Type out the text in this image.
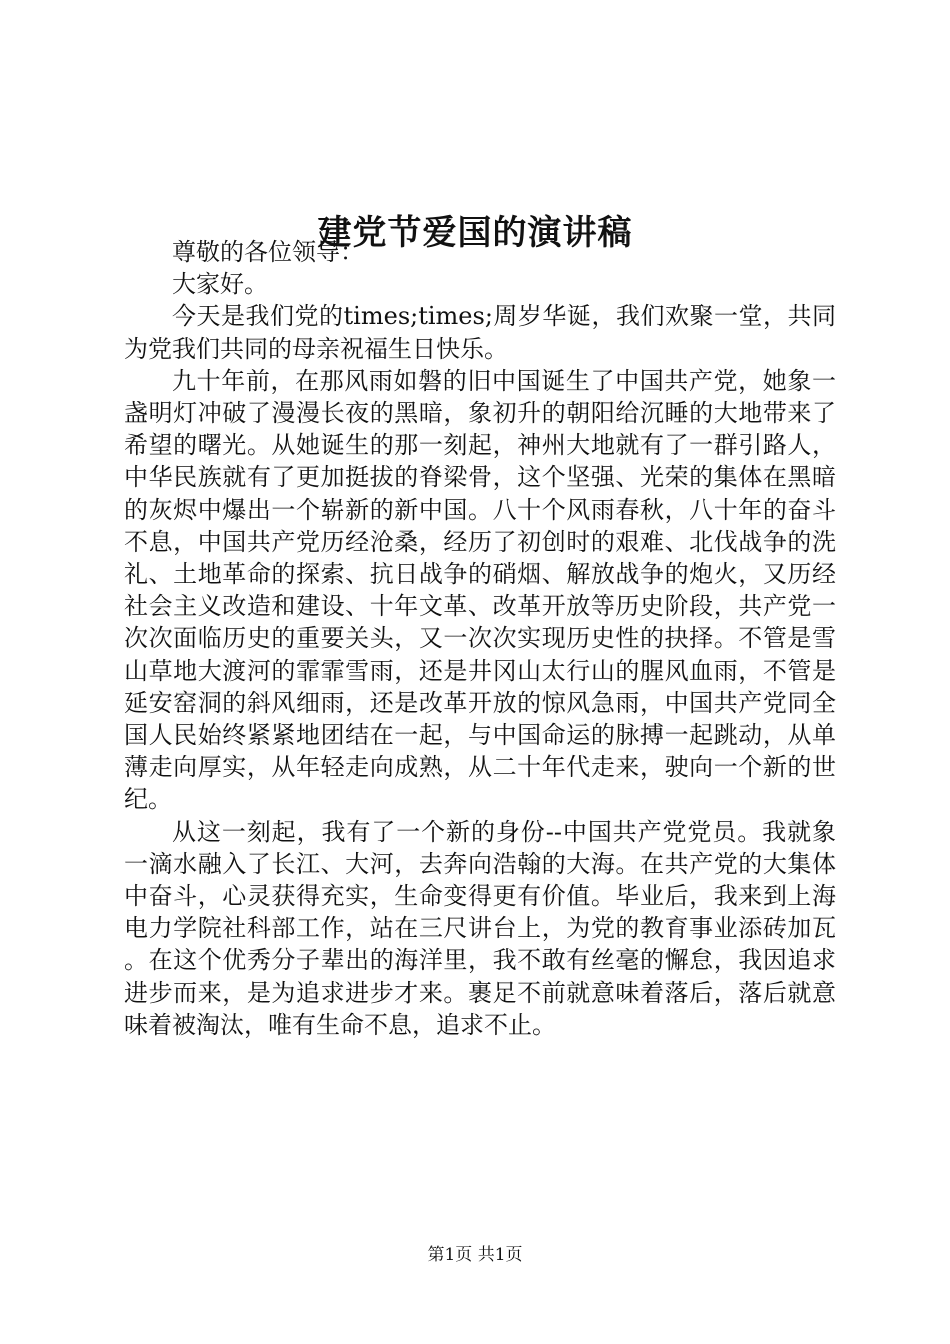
建党节爱国的演讲稿

尊敬的各位领导：

大家好。

今天是我们党的times;times;周岁华诞，我们欢聚一堂，共同为党我们共同的母亲祝福生日快乐。

九十年前，在那风雨如磐的旧中国诞生了中国共产党，她象一盏明灯冲破了漫漫长夜的黑暗，象初升的朝阳给沉睡的大地带来了希望的曙光。从她诞生的那一刻起，神州大地就有了一群引路人，中华民族就有了更加挺拔的脊梁骨，这个坚强、光荣的集体在黑暗的灰烬中爆出一个崭新的新中国。八十个风雨春秋，八十年的奋斗不息，中国共产党历经沧桑，经历了初创时的艰难、北伐战争的洗礼、土地革命的探索、抗日战争的硝烟、解放战争的炮火，又历经社会主义改造和建设、十年文革、改革开放等历史阶段，共产党一次次面临历史的重要关头，又一次次实现历史性的抉择。不管是雪山草地大渡河的霏霏雪雨，还是井冈山太行山的腥风血雨，不管是延安窑洞的斜风细雨，还是改革开放的惊风急雨，中国共产党同全国人民始终紧紧地团结在一起，与中国命运的脉搏一起跳动，从单薄走向厚实，从年轻走向成熟，从二十年代走来，驶向一个新的世纪。

从这一刻起，我有了一个新的身份--中国共产党党员。我就象一滴水融入了长江、大河，去奔向浩翰的大海。在共产党的大集体中奋斗，心灵获得充实，生命变得更有价值。毕业后，我来到上海电力学院社科部工作，站在三尺讲台上，为党的教育事业添砖加瓦。在这个优秀分子辈出的海洋里，我不敢有丝毫的懈怠，我因追求进步而来，是为追求进步才来。裹足不前就意味着落后，落后就意味着被淘汰，唯有生命不息，追求不止。

第1页 共1页
